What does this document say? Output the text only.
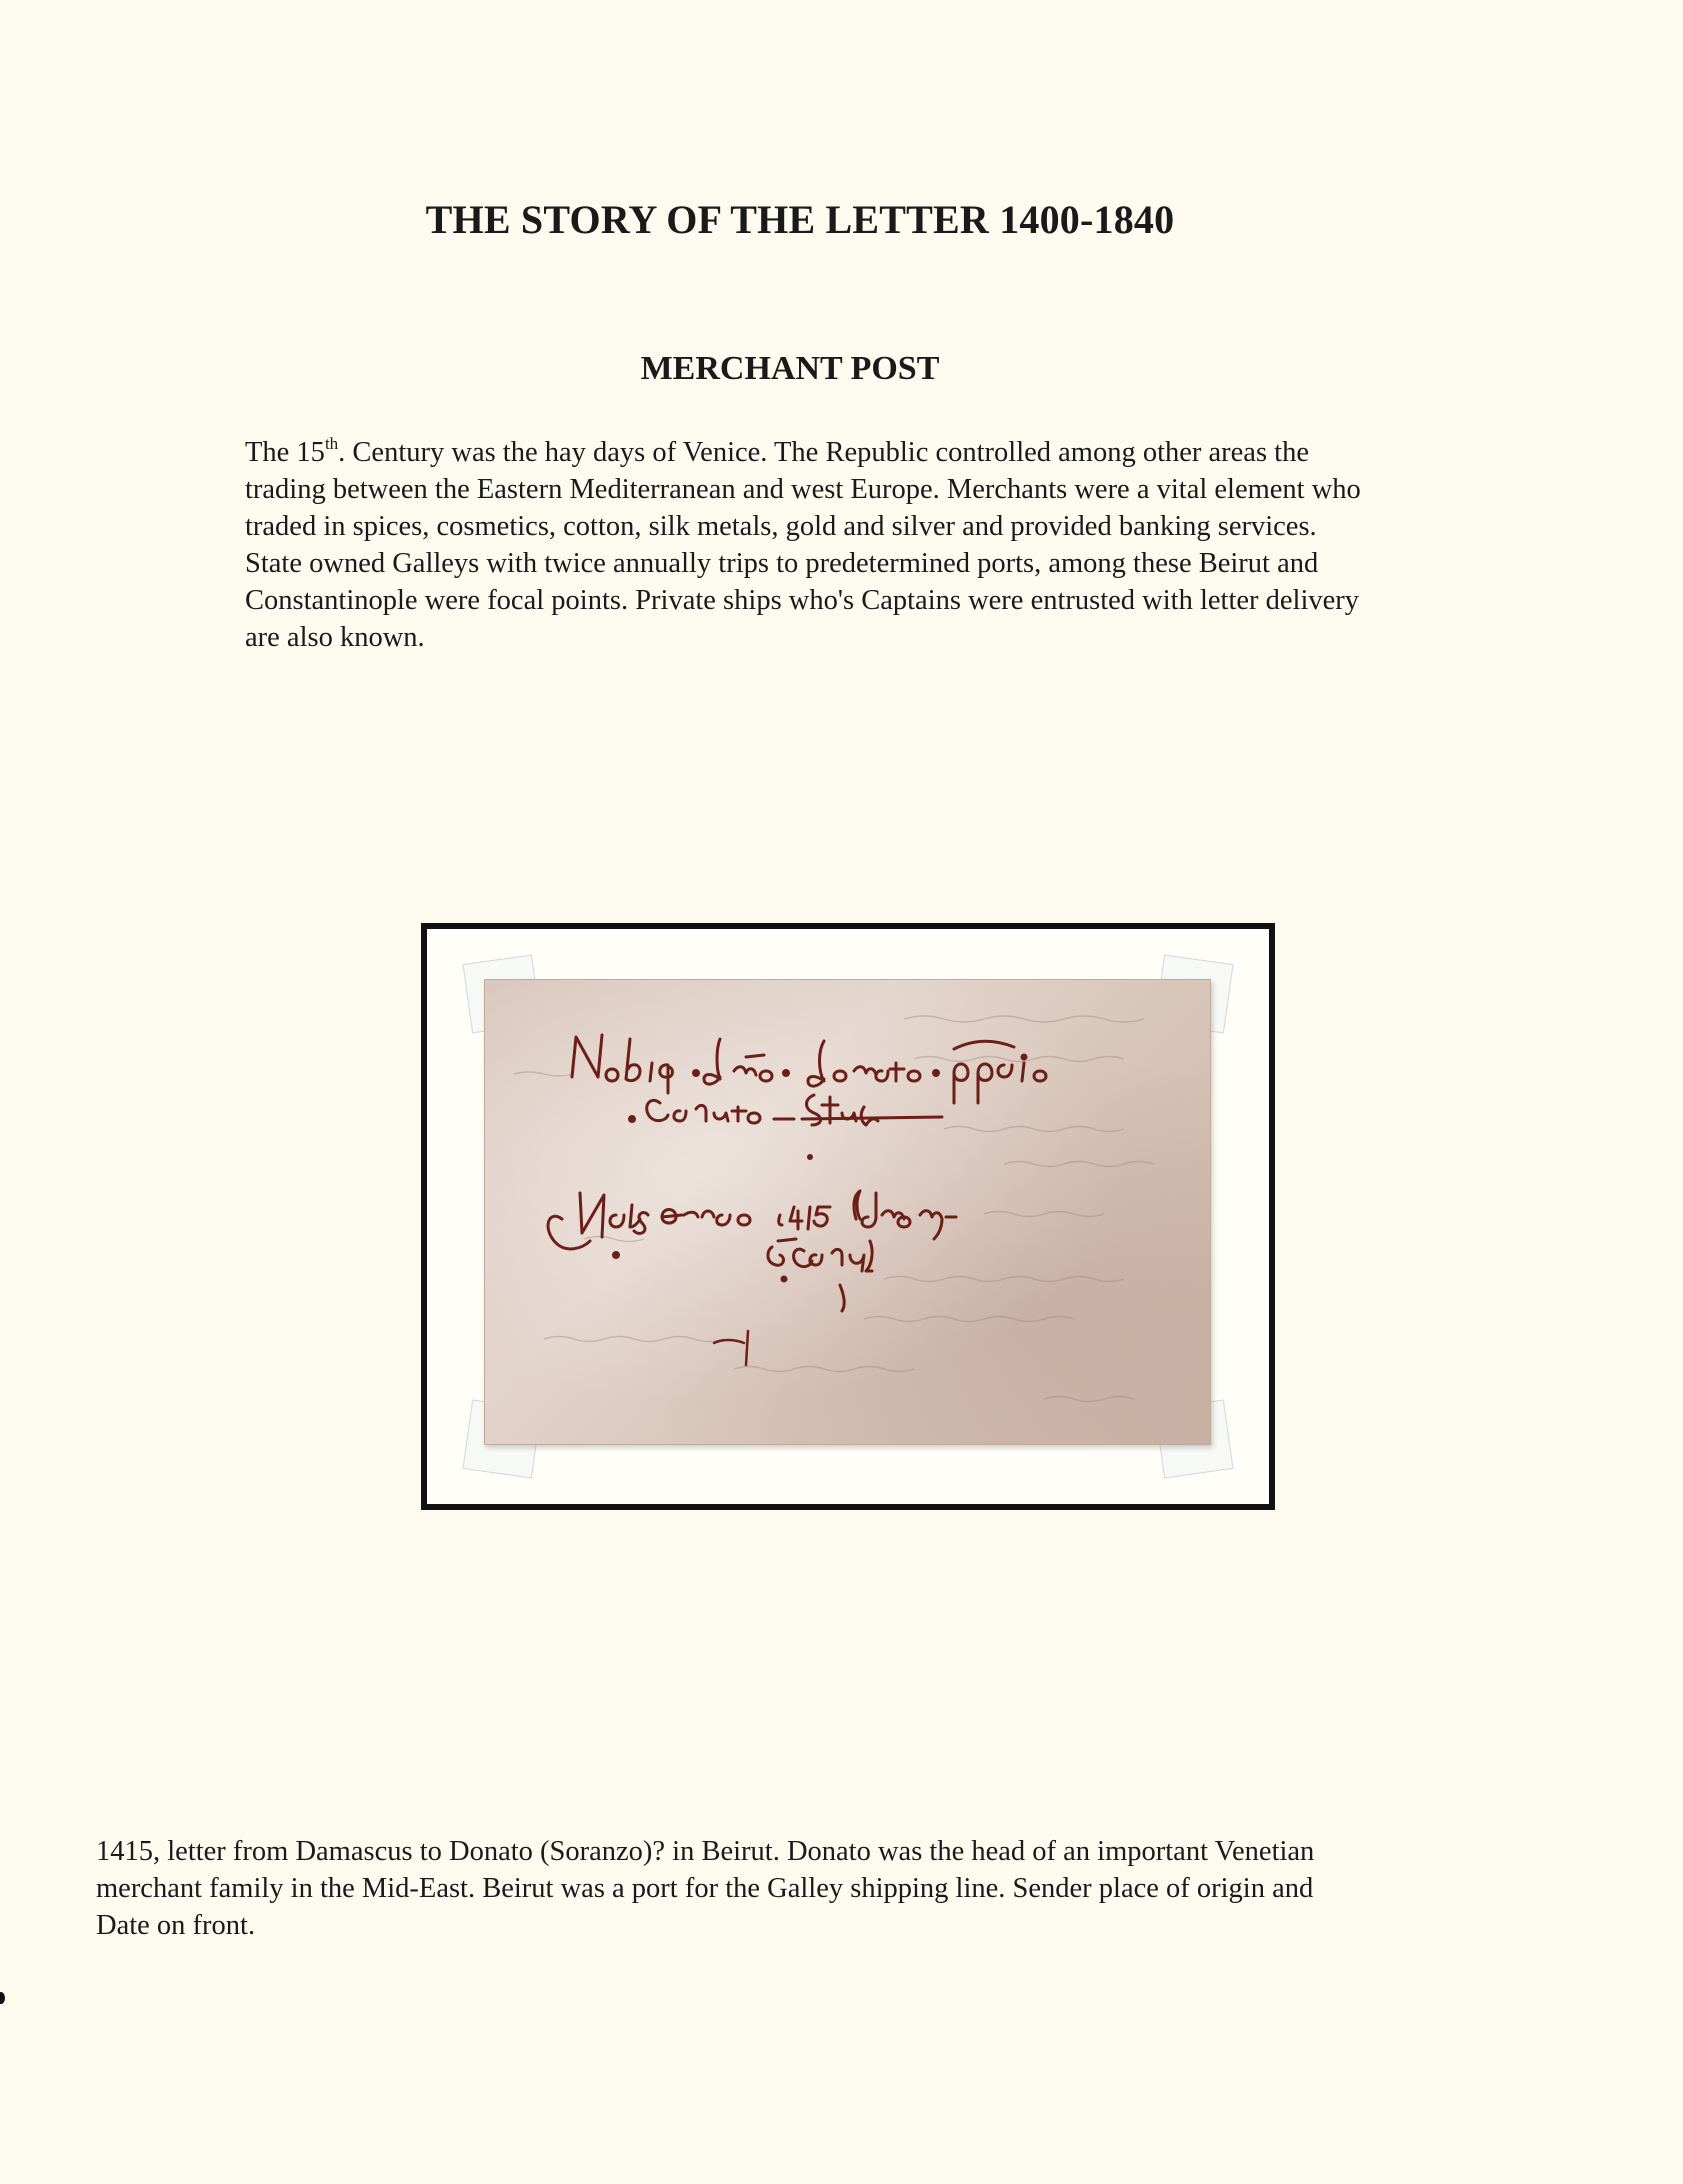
THE STORY OF THE LETTER 1400-1840
MERCHANT POST

The 15th. Century was the hay days of Venice. The Republic controlled among other areas the
trading between the Eastern Mediterranean and west Europe. Merchants were a vital element who
traded in spices, cosmetics, cotton, silk metals, gold and silver and provided banking services.
State owned Galleys with twice annually trips to predetermined ports, among these Beirut and
Constantinople were focal points. Private ships who's Captains were entrusted with letter delivery
are also known.

1415, letter from Damascus to Donato (Soranzo)? in Beirut. Donato was the head of an important Venetian
merchant family in the Mid-East. Beirut was a port for the Galley shipping line. Sender place of origin and
Date on front.
